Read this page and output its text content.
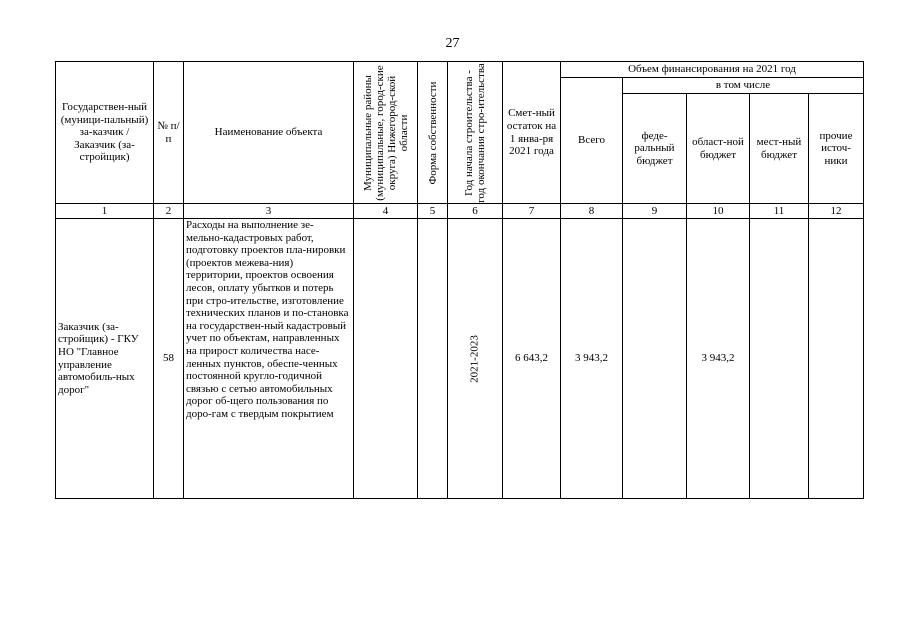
27
Государствен-ный (муници-пальный) за-казчик / Заказчик (за-стройщик)	№ п/п	Наименование объекта	Муниципальные районы (муниципальные, город-ские округа) Нижегород-ской области	Форма собственности	Год начала строительства - год окончания стро-ительства	Смет-ный остаток на 1 янва-ря 2021 года	Объем финансирования на 2021 год				
							Всего	в том числе			
								феде-ральный бюджет	област-ной бюджет	мест-ный бюджет	прочие источ-ники
1	2	3	4	5	6	7	8	9	10	11	12
Заказчик (за-стройщик) - ГКУ НО "Главное управление автомобиль-ных дорог"	58	Расходы на выполнение зе-мельно-кадастровых работ, подготовку проектов пла-нировки (проектов межева-ния) территории, проектов освоения лесов, оплату убытков и потерь при стро-ительстве, изготовление технических планов и по-становка на государствен-ный кадастровый учет по объектам, направленных на прирост количества насе-ленных пунктов, обеспе-ченных постоянной кругло-годичной связью с сетью автомобильных дорог об-щего пользования по доро-гам с твердым покрытием			2021-2023	6 643,2	3 943,2		3 943,2		
